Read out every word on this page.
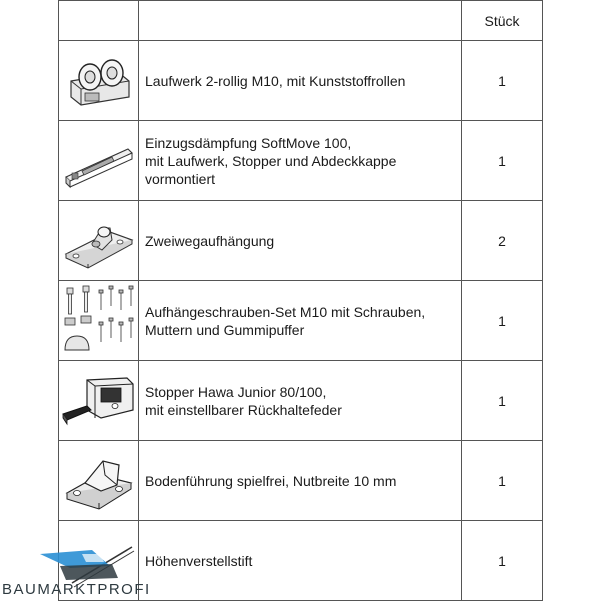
		Stück

	Laufwerk 2-rollig M10, mit Kunststoffrollen	1

	Einzugsdämpfung SoftMove 100,
mit Laufwerk, Stopper und Abdeckkappe
vormontiert	1

	Zweiwegaufhängung	2

	Aufhängeschrauben-Set M10 mit Schrauben,
Muttern und Gummipuffer	1

	Stopper Hawa Junior 80/100,
mit einstellbarer Rückhaltefeder	1

	Bodenführung spielfrei, Nutbreite 10 mm	1

	Höhenverstellstift	1
BAUMARKTPROFI
